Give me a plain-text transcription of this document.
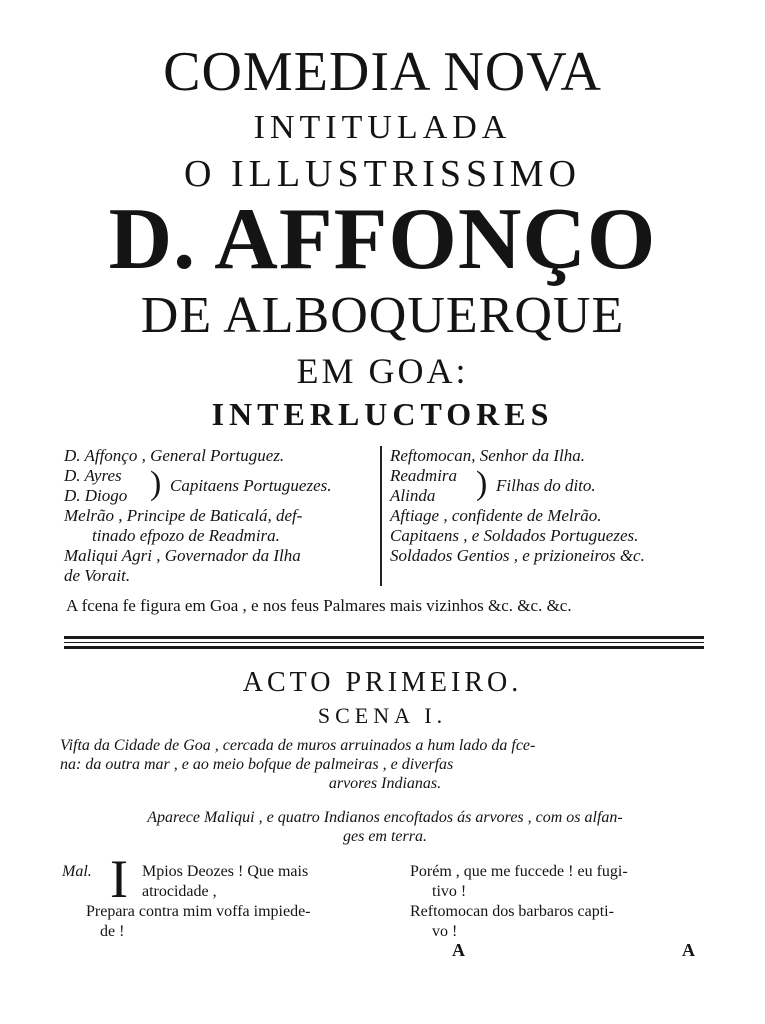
COMEDIA NOVA
INTITULADA
O ILLUSTRISSIMO
D. AFFONÇO
DE ALBOQUERQUE
EM GOA:
INTERLUCTORES
D. Affonço , General Portuguez.
D. Ayres
D. Diogo ) Capitaens Portuguezes.
Melrão , Principe de Baticalá, def-
tinado efpozo de Readmira.
Maliqui Agri , Governador da Ilha
de Vorait.
Reftomocan, Senhor da Ilha.
Readmira
Alinda ) Filhas do dito.
Aftiage , confidente de Melrão.
Capitaens , e Soldados Portuguezes.
Soldados Gentios , e prizioneiros &c.
A fcena fe figura em Goa , e nos feus Palmares mais vizinhos &c. &c. &c.
ACTO PRIMEIRO.
SCENA I.
Vifta da Cidade de Goa , cercada de muros arruinados a hum lado da fce-
na: da outra mar , e ao meio bofque de palmeiras , e diverfas
arvores Indianas.
Aparece Maliqui , e quatro Indianos encoftados ás arvores , com os alfan-
ges em terra.
Mal. I Mpios Deozes ! Que mais
atrocidade ,
Prepara contra mim voffa impiede-
de !
Porém , que me fuccede ! eu fugi-
tivo !
Reftomocan dos barbaros capti-
vo !
A	A
